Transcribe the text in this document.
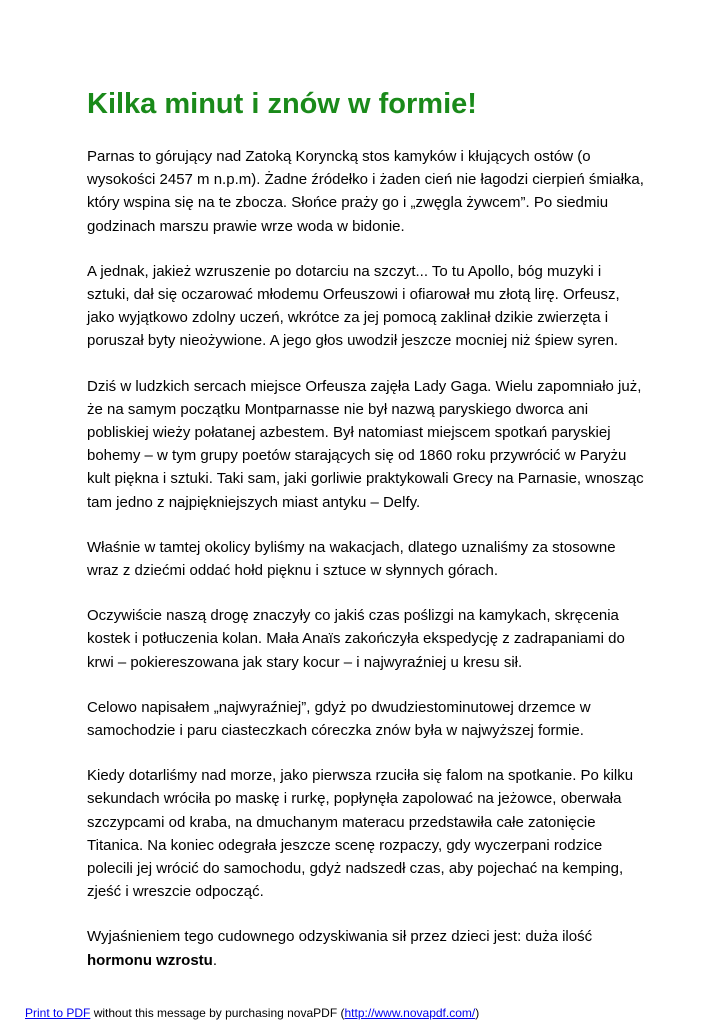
Kilka minut i znów w formie!

Parnas to górujący nad Zatoką Koryncką stos kamyków i kłujących ostów (o wysokości 2457 m n.p.m). Żadne źródełko i żaden cień nie łagodzi cierpień śmiałka, który wspina się na te zbocza. Słońce praży go i „zwęgla żywcem”. Po siedmiu godzinach marszu prawie wrze woda w bidonie.

A jednak, jakież wzruszenie po dotarciu na szczyt... To tu Apollo, bóg muzyki i sztuki, dał się oczarować młodemu Orfeuszowi i ofiarował mu złotą lirę. Orfeusz, jako wyjątkowo zdolny uczeń, wkrótce za jej pomocą zaklinał dzikie zwierzęta i poruszał byty nieożywione. A jego głos uwodził jeszcze mocniej niż śpiew syren.

Dziś w ludzkich sercach miejsce Orfeusza zajęła Lady Gaga. Wielu zapomniało już, że na samym początku Montparnasse nie był nazwą paryskiego dworca ani pobliskiej wieży połatanej azbestem. Był natomiast miejscem spotkań paryskiej bohemy – w tym grupy poetów starających się od 1860 roku przywrócić w Paryżu kult piękna i sztuki. Taki sam, jaki gorliwie praktykowali Grecy na Parnasie, wnosząc tam jedno z najpiękniejszych miast antyku – Delfy.

Właśnie w tamtej okolicy byliśmy na wakacjach, dlatego uznaliśmy za stosowne wraz z dziećmi oddać hołd pięknu i sztuce w słynnych górach.

Oczywiście naszą drogę znaczyły co jakiś czas poślizgi na kamykach, skręcenia kostek i potłuczenia kolan. Mała Anaïs zakończyła ekspedycję z zadrapaniami do krwi – pokiereszowana jak stary kocur – i najwyraźniej u kresu sił.

Celowo napisałem „najwyraźniej”, gdyż po dwudziestominutowej drzemce w samochodzie i paru ciasteczkach córeczka znów była w najwyższej formie.

Kiedy dotarliśmy nad morze, jako pierwsza rzuciła się falom na spotkanie. Po kilku sekundach wróciła po maskę i rurkę, popłynęła zapolować na jeżowce, oberwała szczypcami od kraba, na dmuchanym materacu przedstawiła całe zatonięcie Titanica. Na koniec odegrała jeszcze scenę rozpaczy, gdy wyczerpani rodzice polecili jej wrócić do samochodu, gdyż nadszedł czas, aby pojechać na kemping, zjeść i wreszcie odpocząć.

Wyjaśnieniem tego cudownego odzyskiwania sił przez dzieci jest: duża ilość hormonu wzrostu.

Print to PDF without this message by purchasing novaPDF (http://www.novapdf.com/)
